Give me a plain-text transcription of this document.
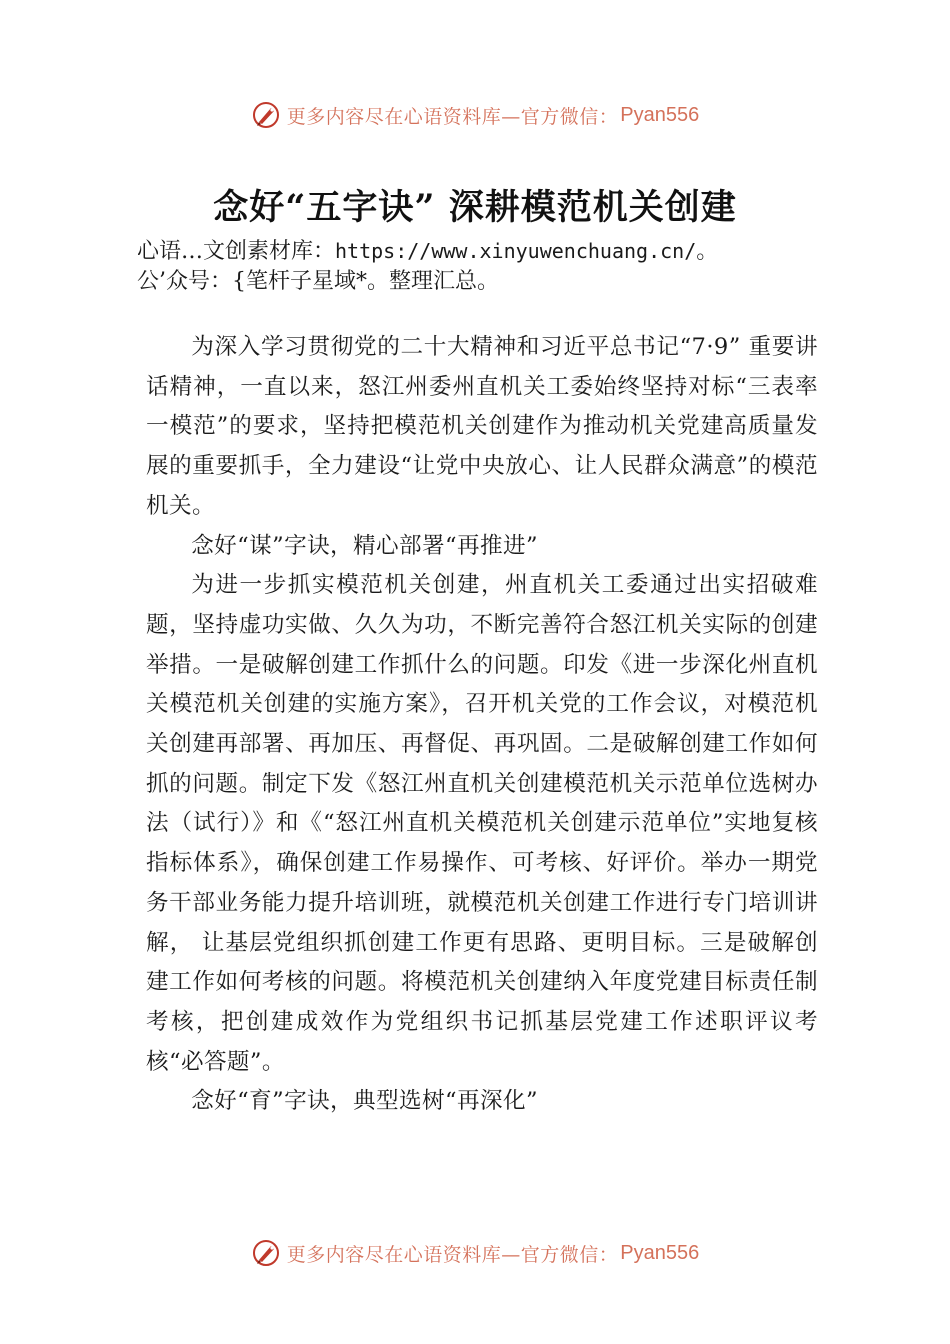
更多内容尽在心语资料库—官方微信： Pyan556
念好“五字诀” 深耕模范机关创建
心语…文创素材库：https://www.xinyuwenchuang.cn/。
公’众号：{笔杆子星域*。整理汇总。

为深入学习贯彻党的二十大精神和习近平总书记“7·9” 重要讲话精神，一直以来，怒江州委州直机关工委始终坚持对标“三表率一模范”的要求，坚持把模范机关创建作为推动机关党建高质量发展的重要抓手，全力建设“让党中央放心、让人民群众满意”的模范机关。

念好“谋”字诀，精心部署“再推进”

为进一步抓实模范机关创建，州直机关工委通过出实招破难题，坚持虚功实做、久久为功，不断完善符合怒江机关实际的创建举措。一是破解创建工作抓什么的问题。印发《进一步深化州直机关模范机关创建的实施方案》，召开机关党的工作会议，对模范机关创建再部署、再加压、再督促、再巩固。二是破解创建工作如何抓的问题。制定下发《怒江州直机关创建模范机关示范单位选树办法（试行）》和《“怒江州直机关模范机关创建示范单位”实地复核指标体系》，确保创建工作易操作、可考核、好评价。举办一期党务干部业务能力提升培训班，就模范机关创建工作进行专门培训讲解， 让基层党组织抓创建工作更有思路、更明目标。三是破解创建工作如何考核的问题。将模范机关创建纳入年度党建目标责任制考核，把创建成效作为党组织书记抓基层党建工作述职评议考核“必答题”。

念好“育”字诀，典型选树“再深化”

更多内容尽在心语资料库—官方微信： Pyan556
